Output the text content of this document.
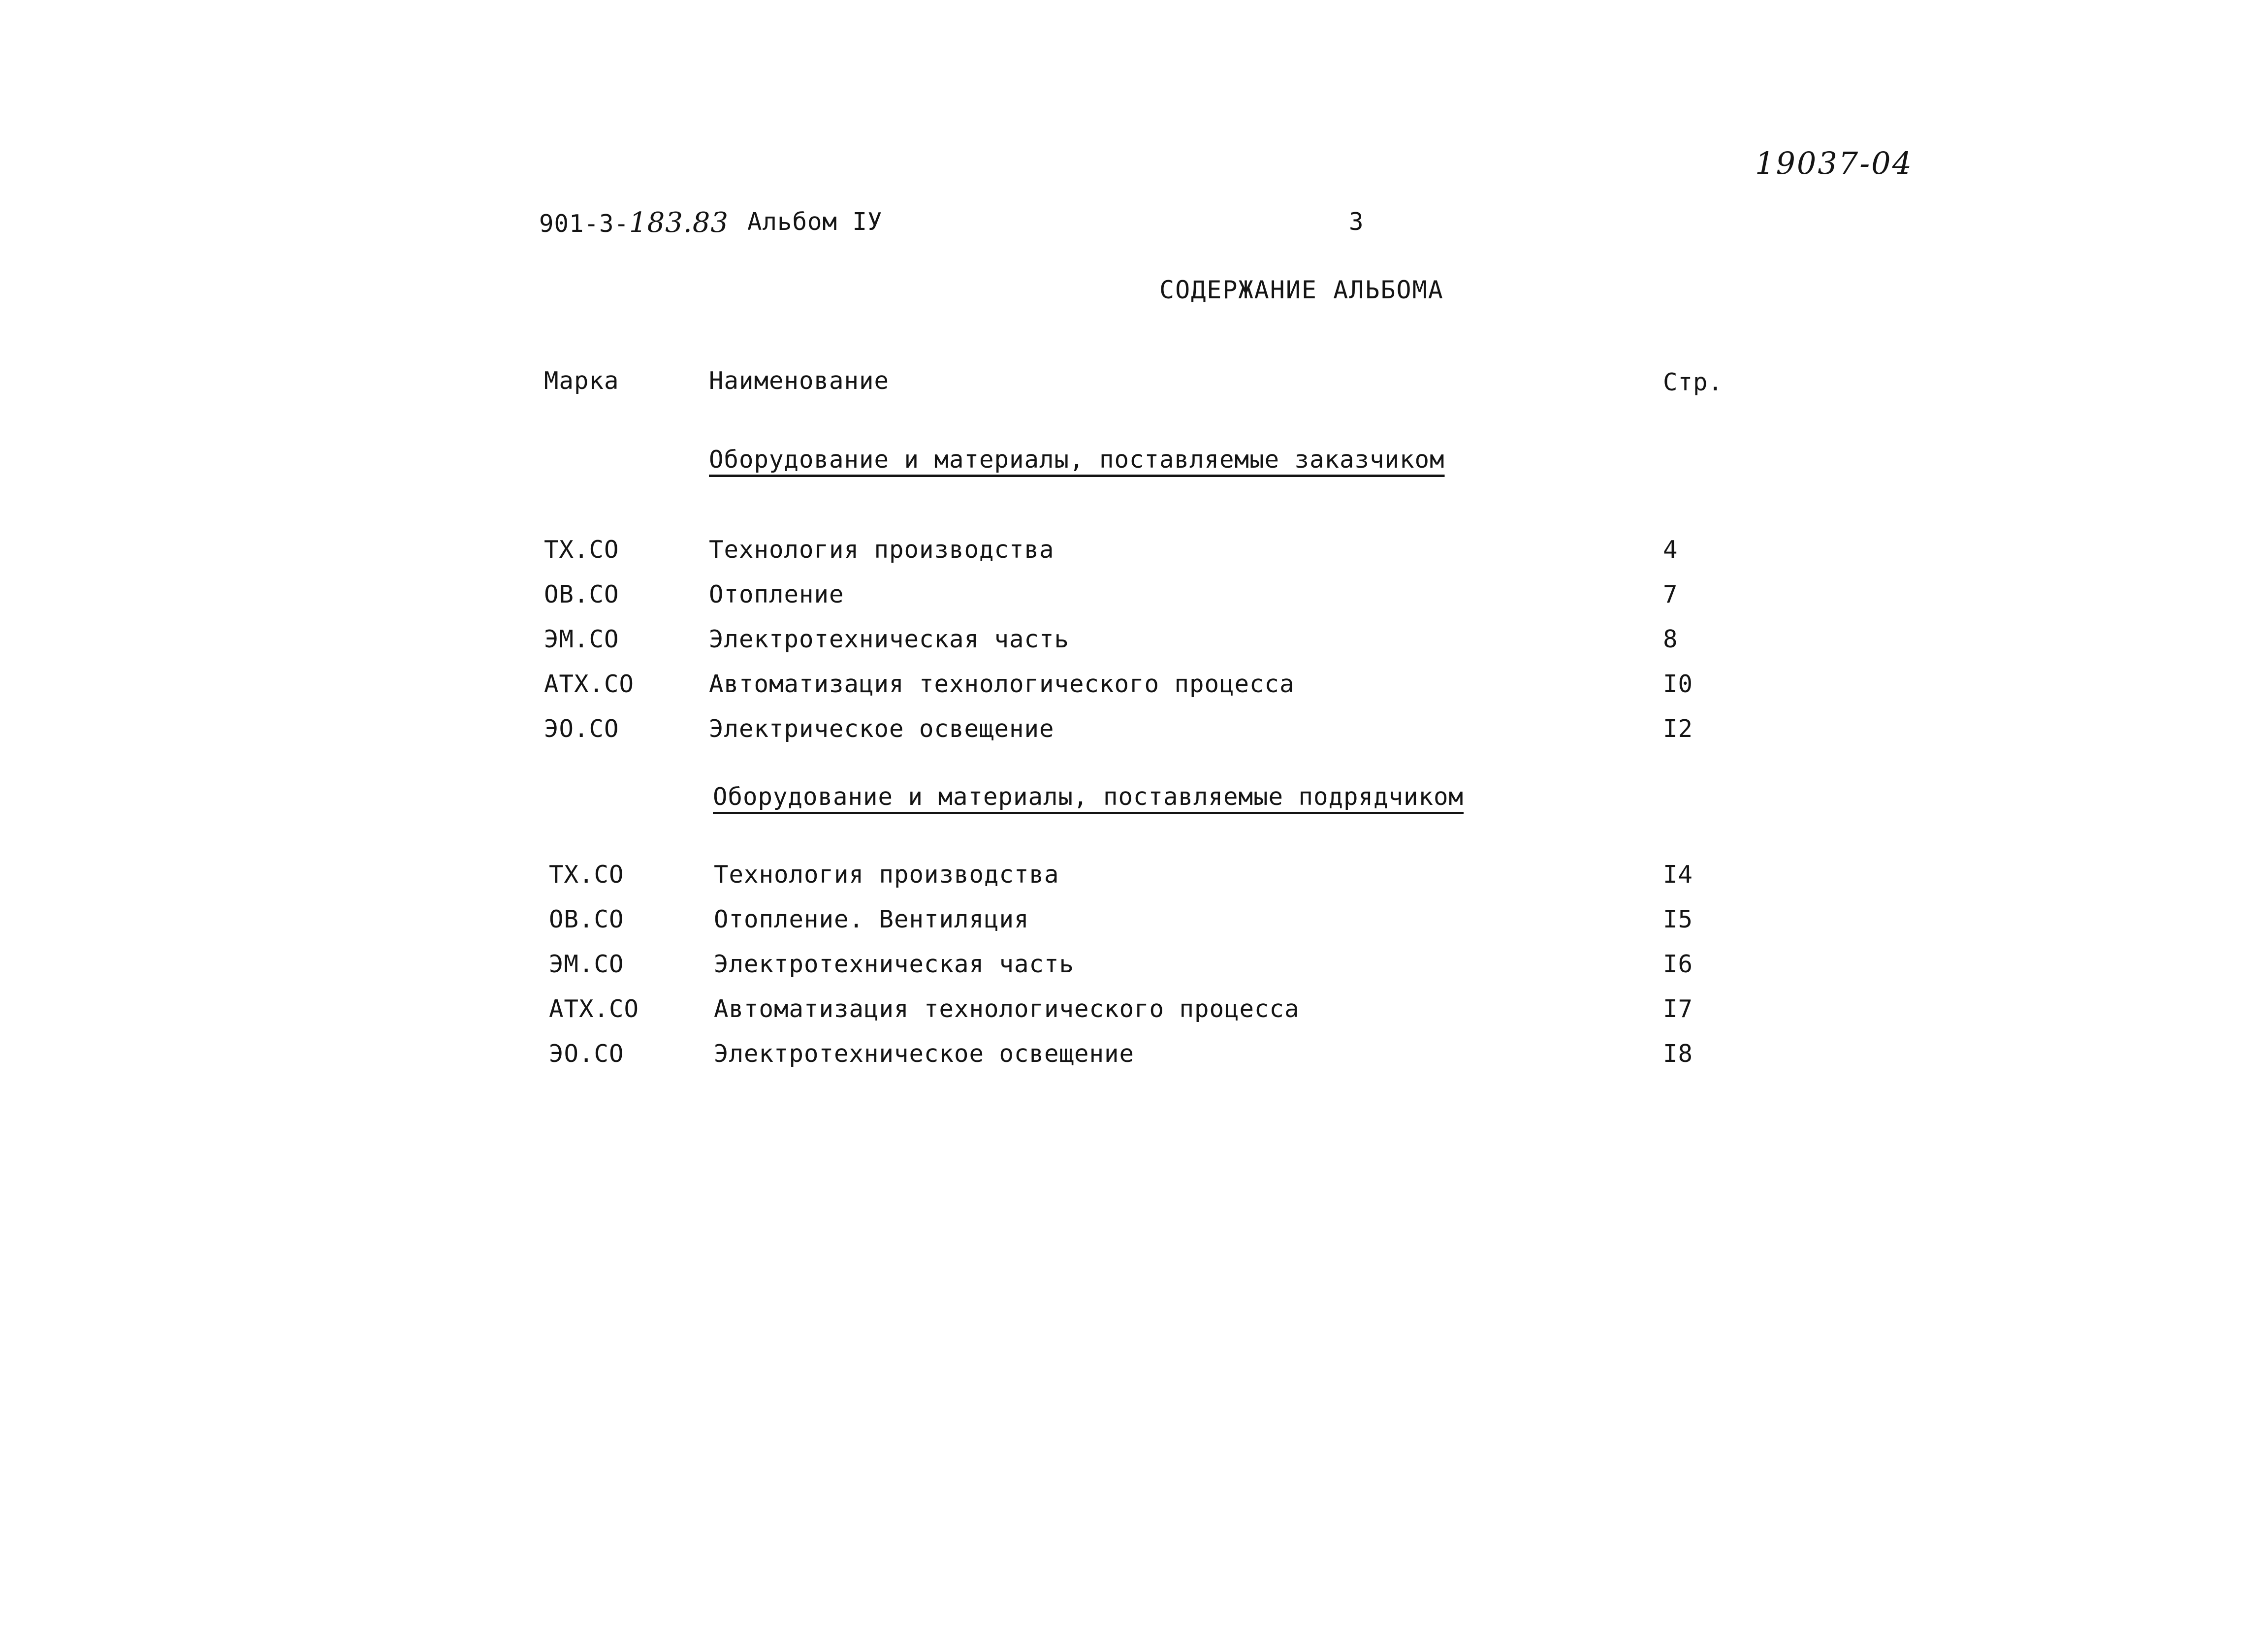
19037-04
901-3-183.83 Альбом IУ	3
СОДЕРЖАНИЕ АЛЬБОМА
Марка	Наименование	Стр.
Оборудование и материалы, поставляемые заказчиком
ТХ.СО	Технология производства	4
ОВ.СО	Отопление	7
ЭМ.СО	Электротехническая часть	8
АТХ.СО	Автоматизация технологического процесса	I0
ЭО.СО	Электрическое освещение	I2
Оборудование и материалы, поставляемые подрядчиком
ТХ.СО	Технология производства	I4
ОВ.СО	Отопление. Вентиляция	I5
ЭМ.СО	Электротехническая часть	I6
АТХ.СО	Автоматизация технологического процесса	I7
ЭО.СО	Электротехническое освещение	I8
